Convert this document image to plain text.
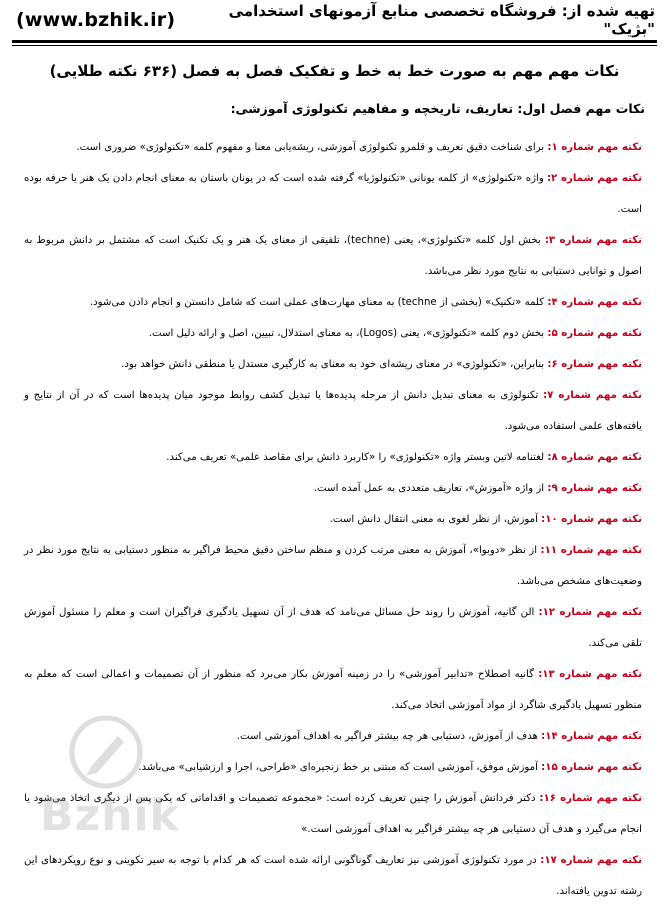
(www.bzhik.ir)	تهیه شده از: فروشگاه تخصصی منابع آزمونهای استخدامی "بژیک"
نکات مهم مهم به صورت خط به خط و تفکیک فصل به فصل (۶۳۶ نکته طلایی)
نکات مهم فصل اول: تعاریف، تاریخچه و مفاهیم تکنولوژی آموزشی:

نکته مهم شماره ۱: برای شناخت دقیق تعریف و قلمرو تکنولوژی آموزشی، ریشه‌یابی معنا و مفهوم کلمه «تکنولوژی» ضروری است.

نکته مهم شماره ۲: واژه «تکنولوژی» از کلمه یونانی «تکنولوژیا» گرفته شده است که در یونان باستان به معنای انجام دادن یک هنر یا حرفه بوده است.

نکته مهم شماره ۳: بخش اول کلمه «تکنولوژی»، یعنی (techne)، تلفیقی از معنای یک هنر و یک تکنیک است که مشتمل بر دانش مربوط به اصول و توانایی دستیابی به نتایج مورد نظر می‌باشد.

نکته مهم شماره ۴: کلمه «تکنیک» (بخشی از techne) به معنای مهارت‌های عملی است که شامل دانستن و انجام دادن می‌شود.

نکته مهم شماره ۵: بخش دوم کلمه «تکنولوژی»، یعنی (Logos)، به معنای استدلال، تبیین، اصل و ارائه دلیل است.

نکته مهم شماره ۶: بنابراین، «تکنولوژی» در معنای ریشه‌ای خود به معنای به کارگیری مستدل یا منطقی دانش خواهد بود.

نکته مهم شماره ۷: تکنولوژی به معنای تبدیل دانش از مرحله پدیده‌ها یا تبدیل کشف روابط موجود میان پدیده‌ها است که در آن از نتایج و یافته‌های علمی استفاده می‌شود.

نکته مهم شماره ۸: لغتنامه لاتین وبستر واژه «تکنولوژی» را «کاربرد دانش برای مقاصد علمی» تعریف می‌کند.

نکته مهم شماره ۹: از واژه «آموزش»، تعاریف متعددی به عمل آمده است.

نکته مهم شماره ۱۰: آموزش، از نظر لغوی به معنی انتقال دانش است.

نکته مهم شماره ۱۱: از نظر «دوبوا»، آموزش به معنی مرتب کردن و منظم ساختن دقیق محیط فراگیر به منظور دستیابی به نتایج مورد نظر در وضعیت‌های مشخص می‌باشد.

نکته مهم شماره ۱۲: الن گانیه، آموزش را روند حل مسائل می‌نامد که هدف از آن تسهیل یادگیری فراگیران است و معلم را مسئول آموزش تلقی می‌کند.

نکته مهم شماره ۱۳: گانیه اصطلاح «تدابیر آموزشی» را در زمینه آموزش بکار می‌برد که منظور از آن تصمیمات و اعمالی است که معلم به منظور تسهیل یادگیری شاگرد از مواد آموزشی اتخاذ می‌کند.

نکته مهم شماره ۱۴: هدف از آموزش، دستیابی هر چه بیشتر فراگیر به اهداف آموزشی است.

نکته مهم شماره ۱۵: آموزش موفق، آموزشی است که مبتنی بر خط زنجیره‌ای «طراحی، اجرا و ارزشیابی» می‌باشد.

نکته مهم شماره ۱۶: دکتر فردانش آموزش را چنین تعریف کرده است: «مجموعه تصمیمات و اقداماتی که یکی پس از دیگری اتخاذ می‌شود یا انجام می‌گیرد و هدف آن دستیابی هر چه بیشتر فراگیر به اهداف آموزشی است.»

نکته مهم شماره ۱۷: در مورد تکنولوژی آموزشی نیز تعاریف گوناگونی ارائه شده است که هر کدام با توجه به سیر تکوینی و نوع رویکردهای این رشته تدوین یافته‌اند.

Bzhik
